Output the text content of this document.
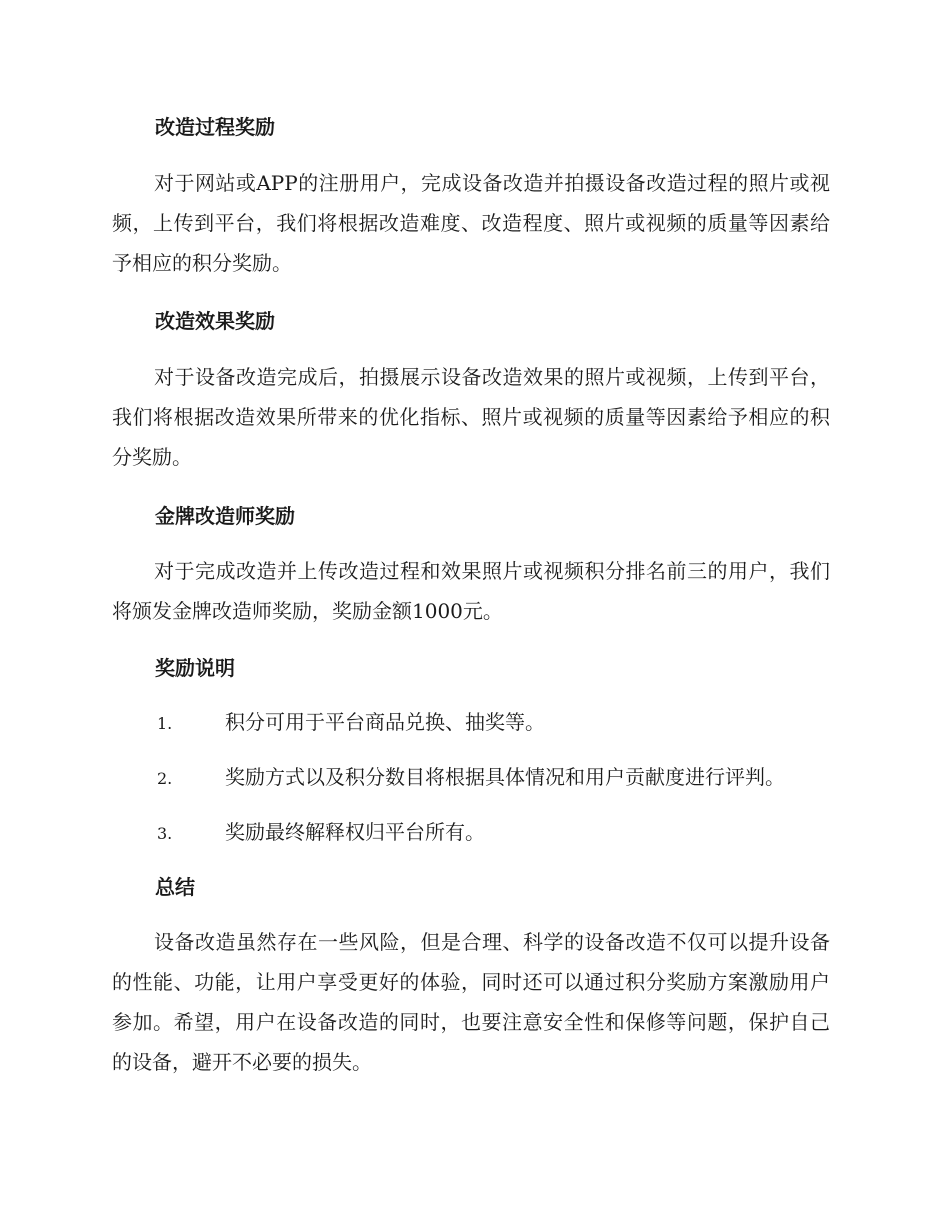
改造过程奖励

对于网站或APP的注册用户，完成设备改造并拍摄设备改造过程的照片或视频，上传到平台，我们将根据改造难度、改造程度、照片或视频的质量等因素给予相应的积分奖励。

改造效果奖励

对于设备改造完成后，拍摄展示设备改造效果的照片或视频，上传到平台，我们将根据改造效果所带来的优化指标、照片或视频的质量等因素给予相应的积分奖励。

金牌改造师奖励

对于完成改造并上传改造过程和效果照片或视频积分排名前三的用户，我们将颁发金牌改造师奖励，奖励金额1000元。

奖励说明
1.	积分可用于平台商品兑换、抽奖等。
2.	奖励方式以及积分数目将根据具体情况和用户贡献度进行评判。
3.	奖励最终解释权归平台所有。
总结

设备改造虽然存在一些风险，但是合理、科学的设备改造不仅可以提升设备的性能、功能，让用户享受更好的体验，同时还可以通过积分奖励方案激励用户参加。希望，用户在设备改造的同时，也要注意安全性和保修等问题，保护自己的设备，避开不必要的损失。
